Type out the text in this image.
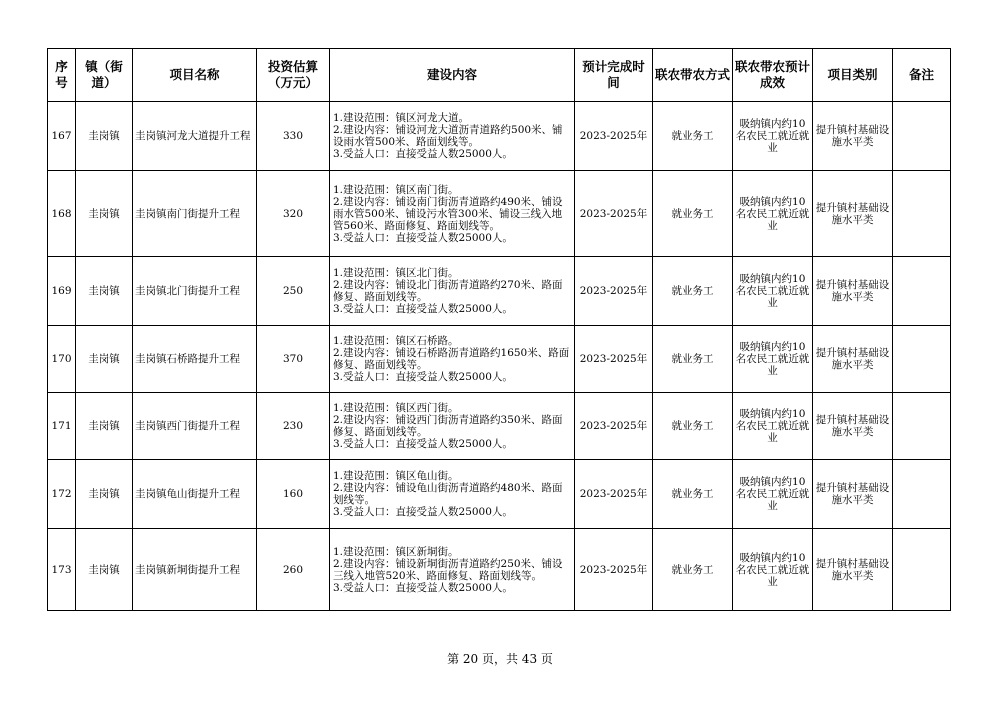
序号	镇（街道）	项目名称	投资估算（万元）	建设内容	预计完成时间	联农带农方式	联农带农预计成效	项目类别	备注
167	圭岗镇	圭岗镇河龙大道提升工程	330	1.建设范围：镇区河龙大道。
2.建设内容：铺设河龙大道沥青道路约500米、铺设雨水管500米、路面划线等。
3.受益人口：直接受益人数25000人。	2023-2025年	就业务工	吸纳镇内约10名农民工就近就业	提升镇村基础设施水平类	
168	圭岗镇	圭岗镇南门街提升工程	320	1.建设范围：镇区南门街。
2.建设内容：铺设南门街沥青道路约490米、铺设雨水管500米、铺设污水管300米、铺设三线入地管560米、路面修复、路面划线等。
3.受益人口：直接受益人数25000人。	2023-2025年	就业务工	吸纳镇内约10名农民工就近就业	提升镇村基础设施水平类	
169	圭岗镇	圭岗镇北门街提升工程	250	1.建设范围：镇区北门街。
2.建设内容：铺设北门街沥青道路约270米、路面修复、路面划线等。
3.受益人口：直接受益人数25000人。	2023-2025年	就业务工	吸纳镇内约10名农民工就近就业	提升镇村基础设施水平类	
170	圭岗镇	圭岗镇石桥路提升工程	370	1.建设范围：镇区石桥路。
2.建设内容：铺设石桥路沥青道路约1650米、路面修复、路面划线等。
3.受益人口：直接受益人数25000人。	2023-2025年	就业务工	吸纳镇内约10名农民工就近就业	提升镇村基础设施水平类	
171	圭岗镇	圭岗镇西门街提升工程	230	1.建设范围：镇区西门街。
2.建设内容：铺设西门街沥青道路约350米、路面修复、路面划线等。
3.受益人口：直接受益人数25000人。	2023-2025年	就业务工	吸纳镇内约10名农民工就近就业	提升镇村基础设施水平类	
172	圭岗镇	圭岗镇龟山街提升工程	160	1.建设范围：镇区龟山街。
2.建设内容：铺设龟山街沥青道路约480米、路面划线等。
3.受益人口：直接受益人数25000人。	2023-2025年	就业务工	吸纳镇内约10名农民工就近就业	提升镇村基础设施水平类	
173	圭岗镇	圭岗镇新垌街提升工程	260	1.建设范围：镇区新垌街。
2.建设内容：铺设新垌街沥青道路约250米、铺设三线入地管520米、路面修复、路面划线等。
3.受益人口：直接受益人数25000人。	2023-2025年	就业务工	吸纳镇内约10名农民工就近就业	提升镇村基础设施水平类	
第 20 页，共 43 页
